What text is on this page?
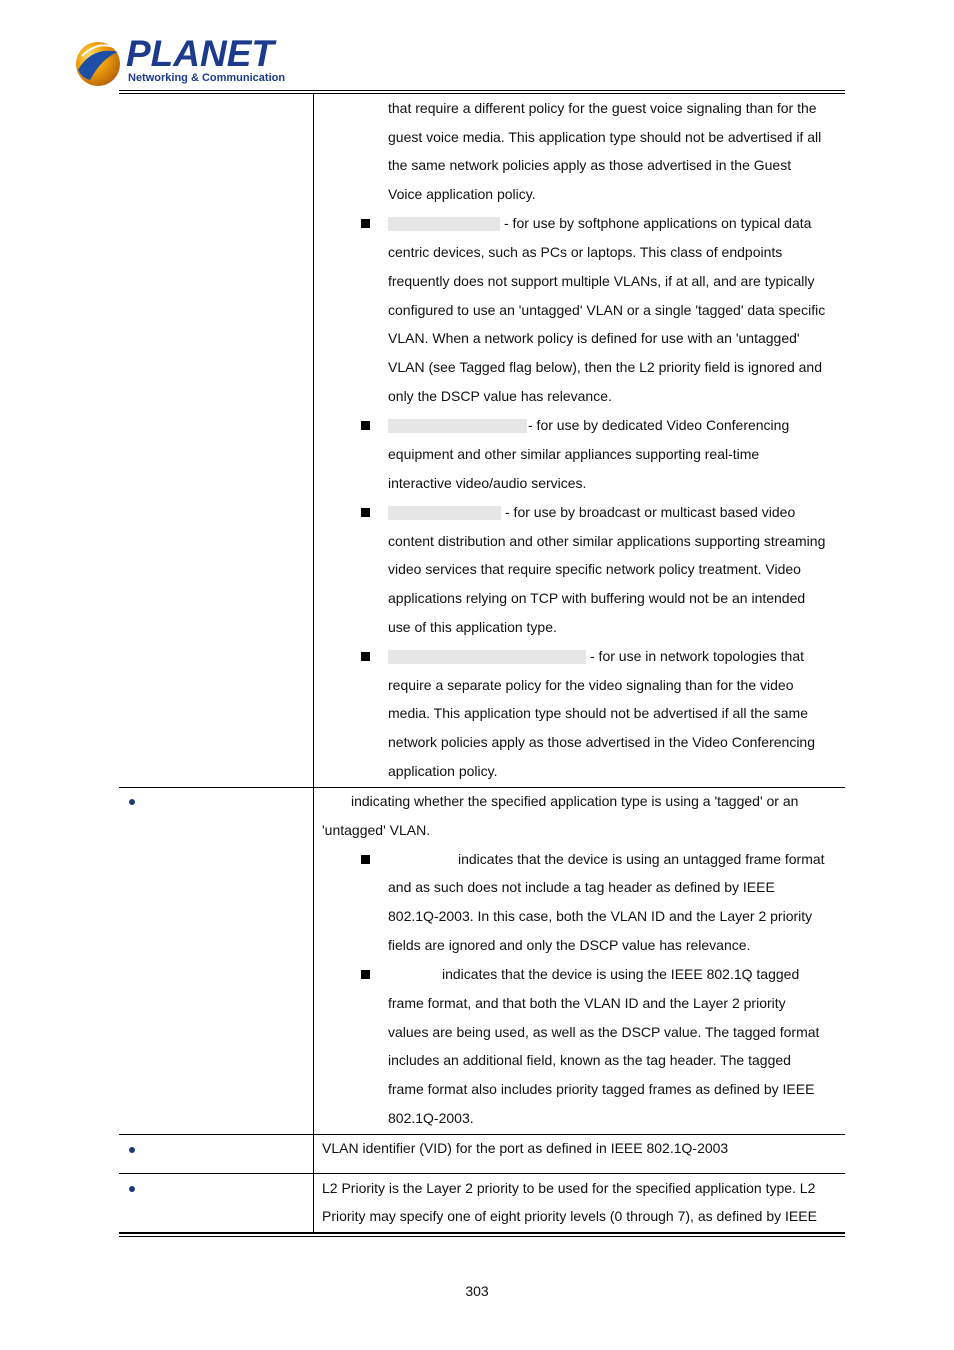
PLANET
Networking & Communication
that require a different policy for the guest voice signaling than for the
guest voice media. This application type should not be advertised if all
the same network policies apply as those advertised in the Guest
Voice application policy.
- for use by softphone applications on typical data
centric devices, such as PCs or laptops. This class of endpoints
frequently does not support multiple VLANs, if at all, and are typically
configured to use an 'untagged' VLAN or a single 'tagged' data specific
VLAN. When a network policy is defined for use with an 'untagged'
VLAN (see Tagged flag below), then the L2 priority field is ignored and
only the DSCP value has relevance.
- for use by dedicated Video Conferencing
equipment and other similar appliances supporting real-time
interactive video/audio services.
- for use by broadcast or multicast based video
content distribution and other similar applications supporting streaming
video services that require specific network policy treatment. Video
applications relying on TCP with buffering would not be an intended
use of this application type.
- for use in network topologies that
require a separate policy for the video signaling than for the video
media. This application type should not be advertised if all the same
network policies apply as those advertised in the Video Conferencing
application policy.
indicating whether the specified application type is using a 'tagged' or an
'untagged' VLAN.
indicates that the device is using an untagged frame format
and as such does not include a tag header as defined by IEEE
802.1Q-2003. In this case, both the VLAN ID and the Layer 2 priority
fields are ignored and only the DSCP value has relevance.
indicates that the device is using the IEEE 802.1Q tagged
frame format, and that both the VLAN ID and the Layer 2 priority
values are being used, as well as the DSCP value. The tagged format
includes an additional field, known as the tag header. The tagged
frame format also includes priority tagged frames as defined by IEEE
802.1Q-2003.
VLAN identifier (VID) for the port as defined in IEEE 802.1Q-2003
L2 Priority is the Layer 2 priority to be used for the specified application type. L2
Priority may specify one of eight priority levels (0 through 7), as defined by IEEE
303
